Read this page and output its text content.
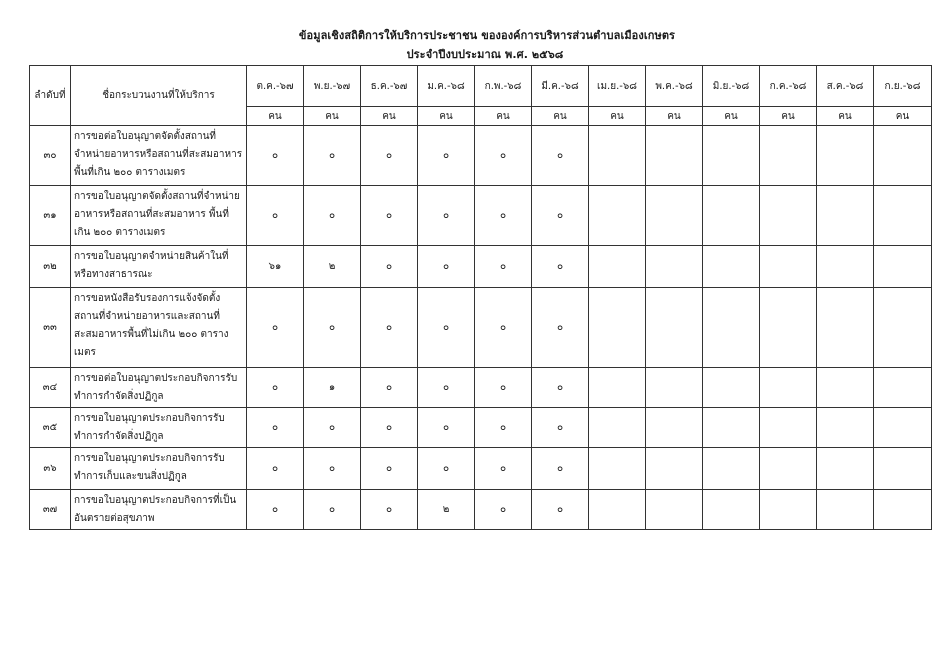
ข้อมูลเชิงสถิติการให้บริการประชาชน ขององค์การบริหารส่วนตำบลเมืองเกษตร
ประจำปีงบประมาณ พ.ศ. ๒๕๖๘
ลำดับที่	ชื่อกระบวนงานที่ให้บริการ	ต.ค.-๖๗	พ.ย.-๖๗	ธ.ค.-๖๗	ม.ค.-๖๘	ก.พ.-๖๘	มี.ค.-๖๘	เม.ย.-๖๘	พ.ค.-๖๘	มิ.ย.-๖๘	ก.ค.-๖๘	ส.ค.-๖๘	ก.ย.-๖๘
		คน	คน	คน	คน	คน	คน	คน	คน	คน	คน	คน	คน
๓๐	การขอต่อใบอนุญาตจัดตั้งสถานที่จำหน่ายอาหารหรือสถานที่สะสมอาหาร พื้นที่เกิน ๒๐๐ ตารางเมตร	๐	๐	๐	๐	๐	๐						
๓๑	การขอใบอนุญาตจัดตั้งสถานที่จำหน่ายอาหารหรือสถานที่สะสมอาหาร พื้นที่เกิน ๒๐๐ ตารางเมตร	๐	๐	๐	๐	๐	๐						
๓๒	การขอใบอนุญาตจำหน่ายสินค้าในที่หรือทางสาธารณะ	๖๑	๒	๐	๐	๐	๐						
๓๓	การขอหนังสือรับรองการแจ้งจัดตั้งสถานที่จำหน่ายอาหารและสถานที่สะสมอาหารพื้นที่ไม่เกิน ๒๐๐ ตารางเมตร	๐	๐	๐	๐	๐	๐						
๓๔	การขอต่อใบอนุญาตประกอบกิจการรับทำการกำจัดสิ่งปฏิกูล	๐	๑	๐	๐	๐	๐						
๓๕	การขอใบอนุญาตประกอบกิจการรับทำการกำจัดสิ่งปฏิกูล	๐	๐	๐	๐	๐	๐						
๓๖	การขอใบอนุญาตประกอบกิจการรับทำการเก็บและขนสิ่งปฏิกูล	๐	๐	๐	๐	๐	๐						
๓๗	การขอใบอนุญาตประกอบกิจการที่เป็นอันตรายต่อสุขภาพ	๐	๐	๐	๒	๐	๐						
